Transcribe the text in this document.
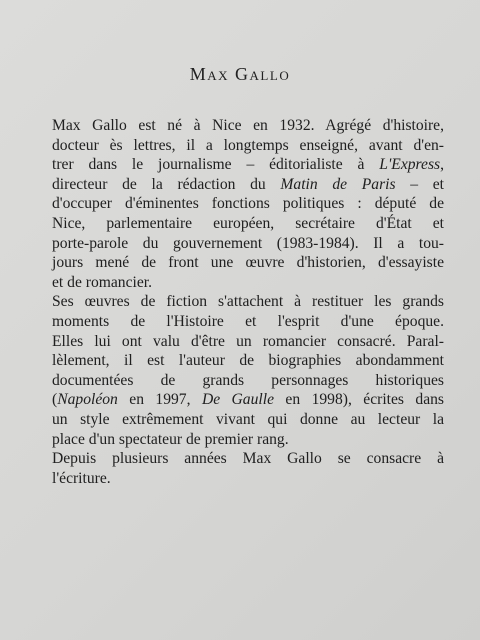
Max Gallo
Max Gallo est né à Nice en 1932. Agrégé d'histoire,
docteur ès lettres, il a longtemps enseigné, avant d'en-
trer dans le journalisme – éditorialiste à L'Express,
directeur de la rédaction du Matin de Paris – et
d'occuper d'éminentes fonctions politiques : député de
Nice, parlementaire européen, secrétaire d'État et
porte-parole du gouvernement (1983-1984). Il a tou-
jours mené de front une œuvre d'historien, d'essayiste
et de romancier.
Ses œuvres de fiction s'attachent à restituer les grands
moments de l'Histoire et l'esprit d'une époque.
Elles lui ont valu d'être un romancier consacré. Paral-
lèlement, il est l'auteur de biographies abondamment
documentées de grands personnages historiques
(Napoléon en 1997, De Gaulle en 1998), écrites dans
un style extrêmement vivant qui donne au lecteur la
place d'un spectateur de premier rang.
Depuis plusieurs années Max Gallo se consacre à
l'écriture.
